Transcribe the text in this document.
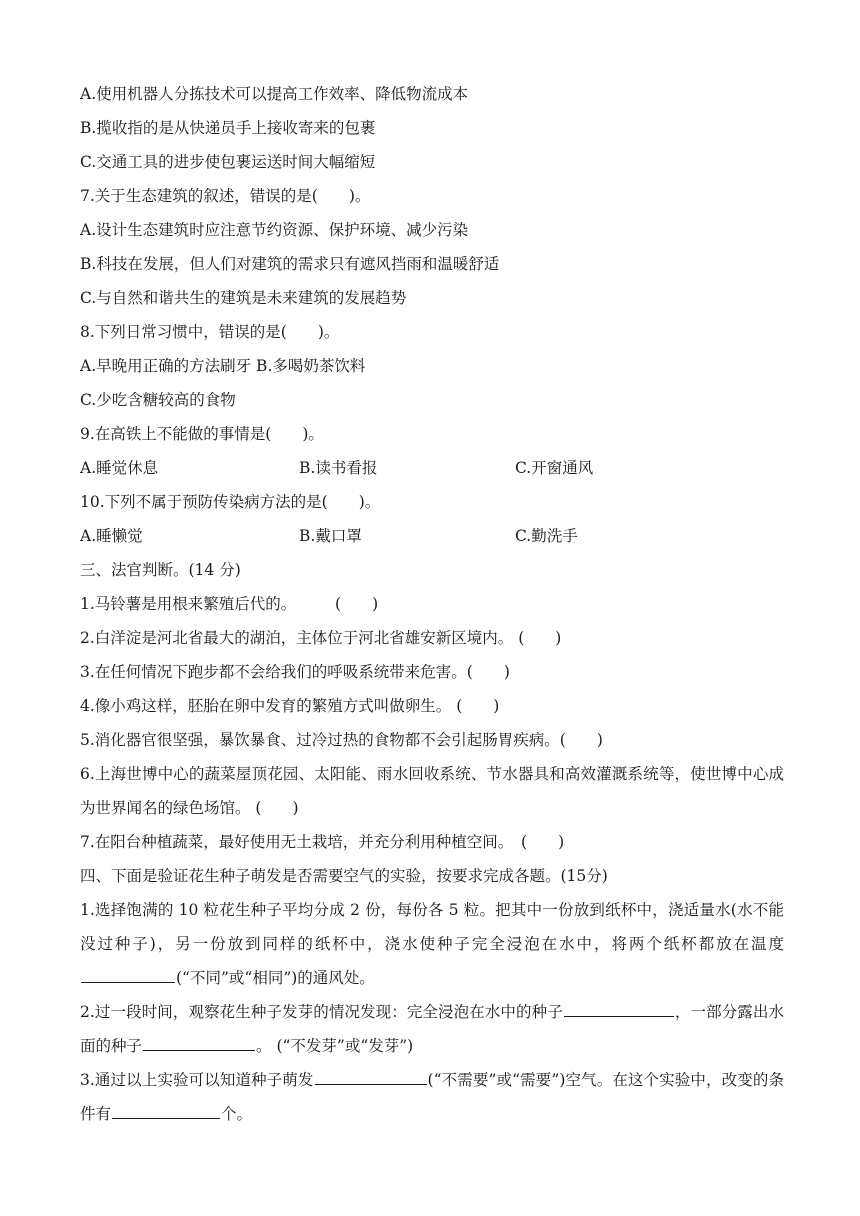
A.使用机器人分拣技术可以提高工作效率、降低物流成本
B.揽收指的是从快递员手上接收寄来的包裹
C.交通工具的进步使包裹运送时间大幅缩短
7.关于生态建筑的叙述，错误的是(　　)。
A.设计生态建筑时应注意节约资源、保护环境、减少污染
B.科技在发展，但人们对建筑的需求只有遮风挡雨和温暖舒适
C.与自然和谐共生的建筑是未来建筑的发展趋势
8.下列日常习惯中，错误的是(　　)。
A.早晚用正确的方法刷牙 B.多喝奶茶饮料
C.少吃含糖较高的食物
9.在高铁上不能做的事情是(　　)。
A.睡觉休息	B.读书看报	C.开窗通风
10.下列不属于预防传染病方法的是(　　)。
A.睡懒觉	B.戴口罩	C.勤洗手
三、法官判断。(14 分)
1.马铃薯是用根来繁殖后代的。　　　(　　)
2.白洋淀是河北省最大的湖泊，主体位于河北省雄安新区境内。 (　　)
3.在任何情况下跑步都不会给我们的呼吸系统带来危害。(　　)
4.像小鸡这样，胚胎在卵中发育的繁殖方式叫做卵生。 (　　)
5.消化器官很坚强，暴饮暴食、过冷过热的食物都不会引起肠胃疾病。(　　)
6.上海世博中心的蔬菜屋顶花园、太阳能、雨水回收系统、节水器具和高效灌溉系统等，使世博中心成为世界闻名的绿色场馆。 (　　)
7.在阳台种植蔬菜，最好使用无土栽培，并充分利用种植空间。　(　　)
四、下面是验证花生种子萌发是否需要空气的实验，按要求完成各题。(15分)
1.选择饱满的 10 粒花生种子平均分成 2 份，每份各 5 粒。把其中一份放到纸杯中，浇适量水(水不能没过种子)，另一份放到同样的纸杯中，浇水使种子完全浸泡在水中，将两个纸杯都放在温度(“不同”或“相同”)的通风处。
2.过一段时间，观察花生种子发芽的情况发现：完全浸泡在水中的种子	，一部分露出水面的种子	。 (“不发芽”或“发芽”)
3.通过以上实验可以知道种子萌发	(“不需要”或“需要”)空气。在这个实验中，改变的条件有	个。
